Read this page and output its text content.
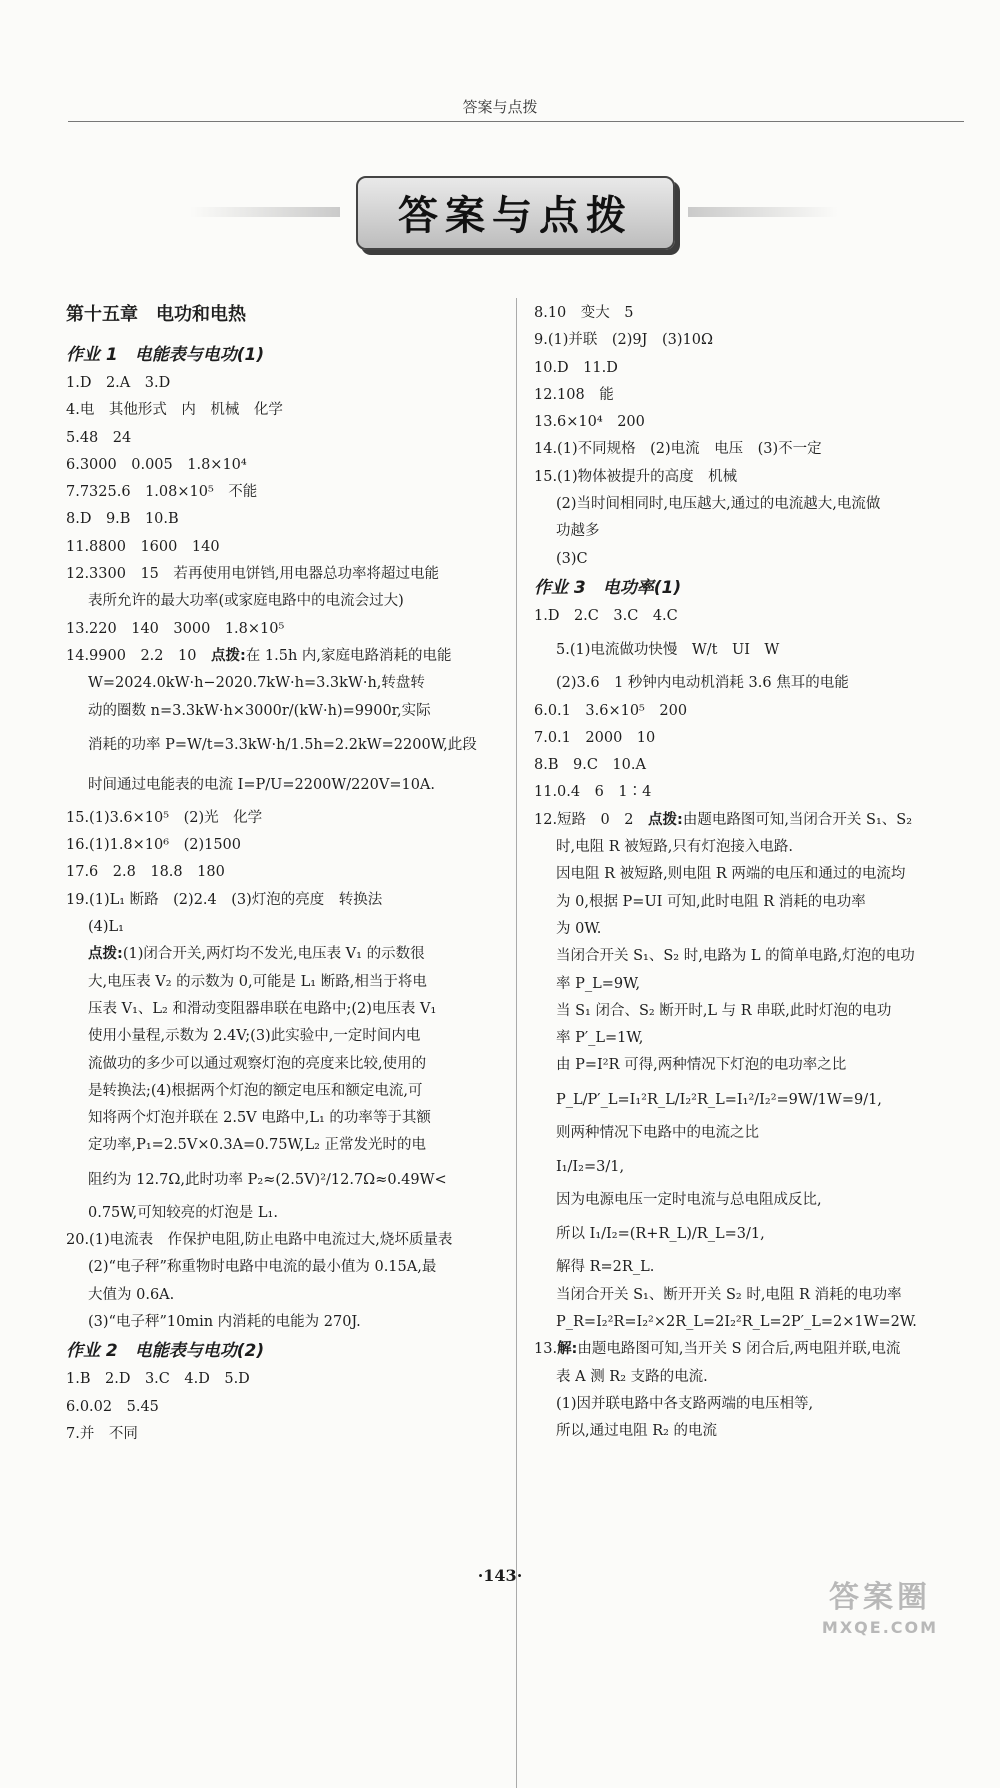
答案与点拨
答案与点拨
第十五章　电功和电热
作业 1　电能表与电功(1)
1.D　2.A　3.D
4.电　其他形式　内　机械　化学
5.48　24
6.3000　0.005　1.8×10⁴
7.7325.6　1.08×10⁵　不能
8.D　9.B　10.B
11.8800　1600　140
12.3300　15　若再使用电饼铛,用电器总功率将超过电能
表所允许的最大功率(或家庭电路中的电流会过大)
13.220　140　3000　1.8×10⁵
14.9900　2.2　10　点拨:在 1.5h 内,家庭电路消耗的电能
W=2024.0kW·h−2020.7kW·h=3.3kW·h,转盘转
动的圈数 n=3.3kW·h×3000r/(kW·h)=9900r,实际
消耗的功率 P=W/t=3.3kW·h/1.5h=2.2kW=2200W,此段
时间通过电能表的电流 I=P/U=2200W/220V=10A.
15.(1)3.6×10⁵　(2)光　化学
16.(1)1.8×10⁶　(2)1500
17.6　2.8　18.8　180
19.(1)L₁ 断路　(2)2.4　(3)灯泡的亮度　转换法
(4)L₁
点拨:(1)闭合开关,两灯均不发光,电压表 V₁ 的示数很
大,电压表 V₂ 的示数为 0,可能是 L₁ 断路,相当于将电
压表 V₁、L₂ 和滑动变阻器串联在电路中;(2)电压表 V₁
使用小量程,示数为 2.4V;(3)此实验中,一定时间内电
流做功的多少可以通过观察灯泡的亮度来比较,使用的
是转换法;(4)根据两个灯泡的额定电压和额定电流,可
知将两个灯泡并联在 2.5V 电路中,L₁ 的功率等于其额
定功率,P₁=2.5V×0.3A=0.75W,L₂ 正常发光时的电
阻约为 12.7Ω,此时功率 P₂≈(2.5V)²/12.7Ω≈0.49W<
0.75W,可知较亮的灯泡是 L₁.
20.(1)电流表　作保护电阻,防止电路中电流过大,烧坏质量表
(2)“电子秤”称重物时电路中电流的最小值为 0.15A,最
大值为 0.6A.
(3)“电子秤”10min 内消耗的电能为 270J.
作业 2　电能表与电功(2)
1.B　2.D　3.C　4.D　5.D
6.0.02　5.45
7.并　不同
8.10　变大　5
9.(1)并联　(2)9J　(3)10Ω
10.D　11.D
12.108　能
13.6×10⁴　200
14.(1)不同规格　(2)电流　电压　(3)不一定
15.(1)物体被提升的高度　机械
(2)当时间相同时,电压越大,通过的电流越大,电流做
功越多
(3)C
作业 3　电功率(1)
1.D　2.C　3.C　4.C
5.(1)电流做功快慢　W/t　UI　W
(2)3.6　1 秒钟内电动机消耗 3.6 焦耳的电能
6.0.1　3.6×10⁵　200
7.0.1　2000　10
8.B　9.C　10.A
11.0.4　6　1∶4
12.短路　0　2　点拨:由题电路图可知,当闭合开关 S₁、S₂
时,电阻 R 被短路,只有灯泡接入电路.
因电阻 R 被短路,则电阻 R 两端的电压和通过的电流均
为 0,根据 P=UI 可知,此时电阻 R 消耗的电功率
为 0W.
当闭合开关 S₁、S₂ 时,电路为 L 的简单电路,灯泡的电功
率 P_L=9W,
当 S₁ 闭合、S₂ 断开时,L 与 R 串联,此时灯泡的电功
率 P′_L=1W,
由 P=I²R 可得,两种情况下灯泡的电功率之比
P_L/P′_L=I₁²R_L/I₂²R_L=I₁²/I₂²=9W/1W=9/1,
则两种情况下电路中的电流之比
I₁/I₂=3/1,
因为电源电压一定时电流与总电阻成反比,
所以 I₁/I₂=(R+R_L)/R_L=3/1,
解得 R=2R_L.
当闭合开关 S₁、断开开关 S₂ 时,电阻 R 消耗的电功率
P_R=I₂²R=I₂²×2R_L=2I₂²R_L=2P′_L=2×1W=2W.
13.解:由题电路图可知,当开关 S 闭合后,两电阻并联,电流
表 A 测 R₂ 支路的电流.
(1)因并联电路中各支路两端的电压相等,
所以,通过电阻 R₂ 的电流
·143·
答案圈
MXQE.COM
